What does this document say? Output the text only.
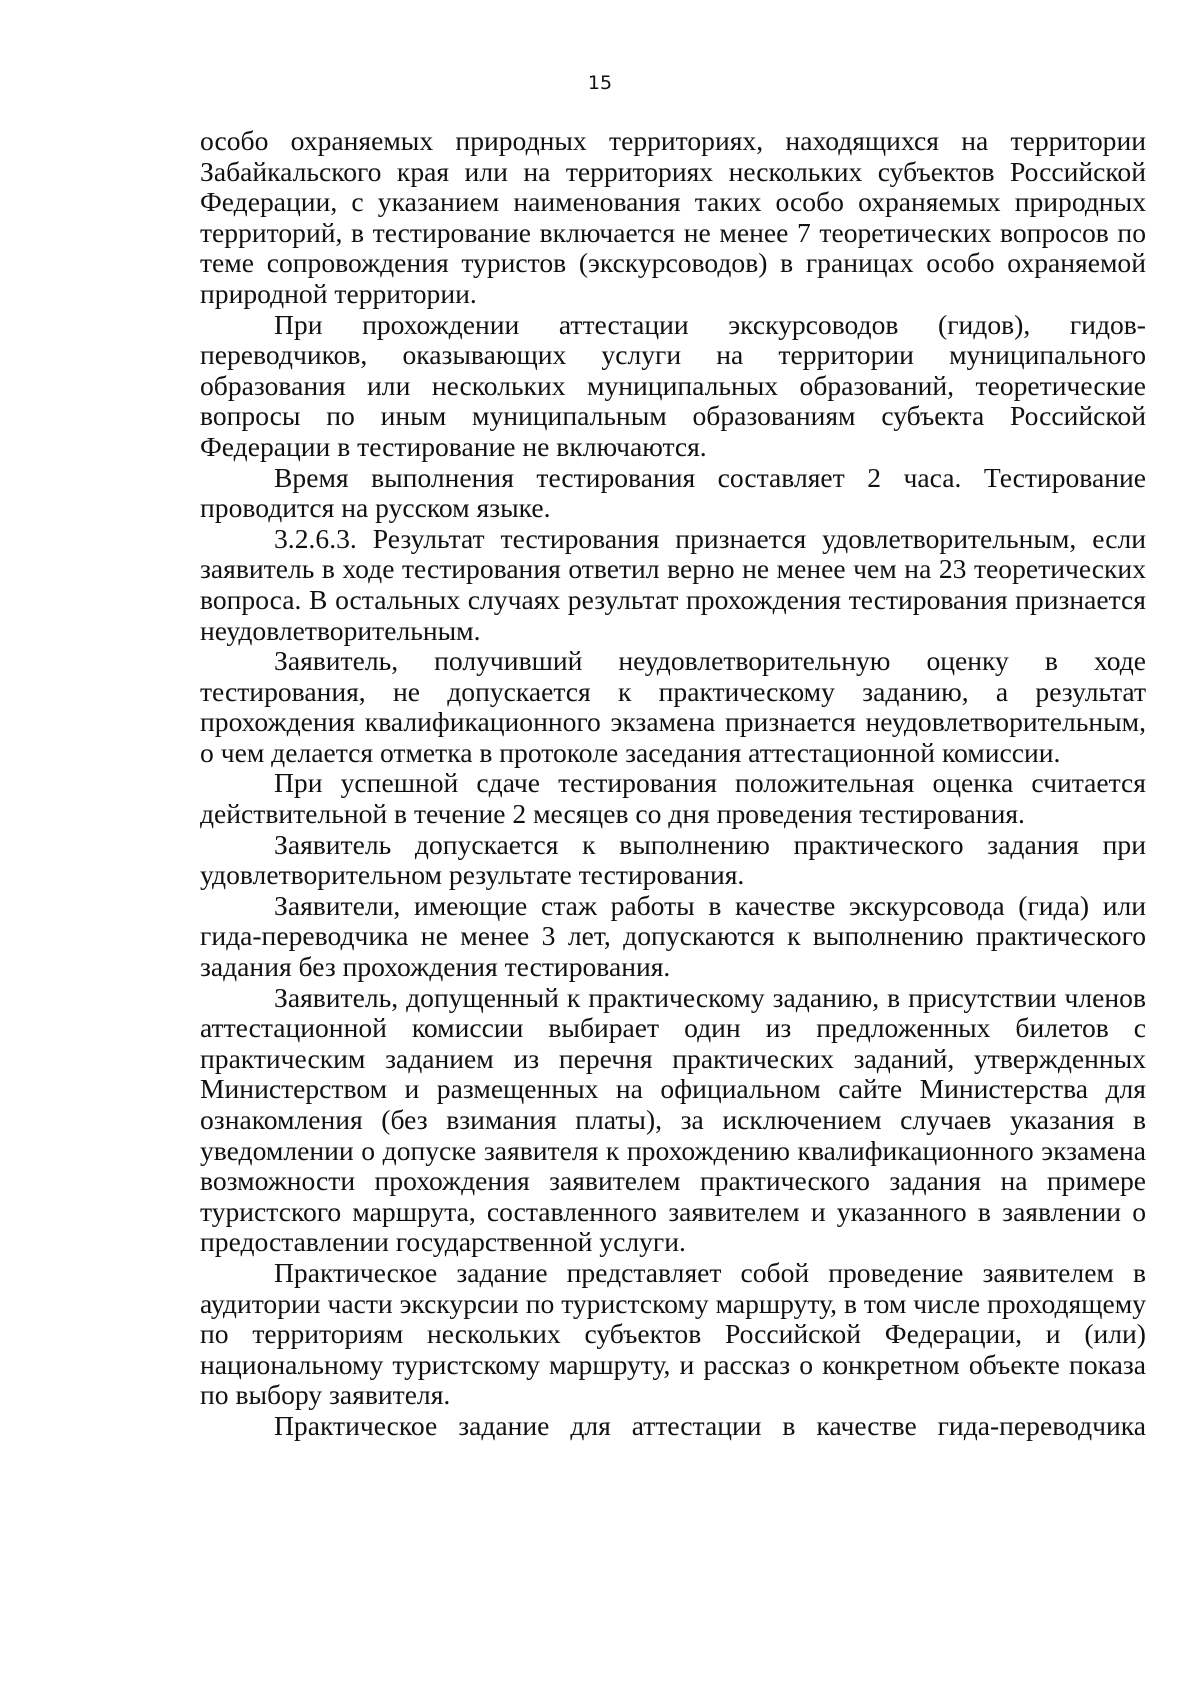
15

особо охраняемых природных территориях, находящихся на территории Забайкальского края или на территориях нескольких субъектов Российской Федерации, с указанием наименования таких особо охраняемых природных территорий, в тестирование включается не менее 7 теоретических вопросов по теме сопровождения туристов (экскурсоводов) в границах особо охраняемой природной территории.

При прохождении аттестации экскурсоводов (гидов), гидов-переводчиков, оказывающих услуги на территории муниципального образования или нескольких муниципальных образований, теоретические вопросы по иным муниципальным образованиям субъекта Российской Федерации в тестирование не включаются.

Время выполнения тестирования составляет 2 часа. Тестирование проводится на русском языке.

3.2.6.3. Результат тестирования признается удовлетворительным, если заявитель в ходе тестирования ответил верно не менее чем на 23 теоретических вопроса. В остальных случаях результат прохождения тестирования признается неудовлетворительным.

Заявитель, получивший неудовлетворительную оценку в ходе тестирования, не допускается к практическому заданию, а результат прохождения квалификационного экзамена признается неудовлетворительным, о чем делается отметка в протоколе заседания аттестационной комиссии.

При успешной сдаче тестирования положительная оценка считается действительной в течение 2 месяцев со дня проведения тестирования.

Заявитель допускается к выполнению практического задания при удовлетворительном результате тестирования.

Заявители, имеющие стаж работы в качестве экскурсовода (гида) или гида-переводчика не менее 3 лет, допускаются к выполнению практического задания без прохождения тестирования.

Заявитель, допущенный к практическому заданию, в присутствии членов аттестационной комиссии выбирает один из предложенных билетов с практическим заданием из перечня практических заданий, утвержденных Министерством и размещенных на официальном сайте Министерства для ознакомления (без взимания платы), за исключением случаев указания в уведомлении о допуске заявителя к прохождению квалификационного экзамена возможности прохождения заявителем практического задания на примере туристского маршрута, составленного заявителем и указанного в заявлении о предоставлении государственной услуги.

Практическое задание представляет собой проведение заявителем в аудитории части экскурсии по туристскому маршруту, в том числе проходящему по территориям нескольких субъектов Российской Федерации, и (или) национальному туристскому маршруту, и рассказ о конкретном объекте показа по выбору заявителя.

Практическое задание для аттестации в качестве гида-переводчика
